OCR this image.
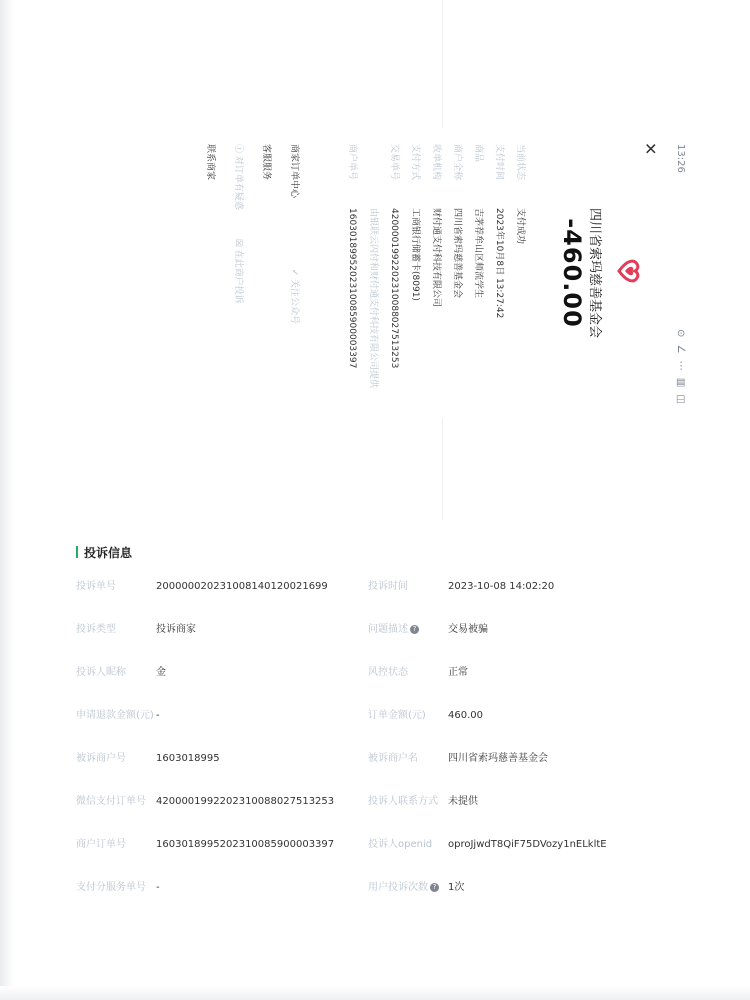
13:26
⊙ ∠ ⋯ ▥ ◫
✕
四川省索玛慈善基金会
-460.00
当前状态
支付成功
支付时间
2023年10月8日 13:27:42
商品
吉茅荐牟山区师流学生
商户全称
四川省索玛慈善基金会
收单机构
财付通支付科技有限公司
支付方式
工商银行储蓄卡(8091)
交易单号
4200001992202310088027513253
由银联云闪付和财付通支付科技有限公司提供
商户单号
1603018995202310085900003397
商家订单中心
✓ 关注公众号
客服服务
ⓘ 对订单有疑惑 ☒ 在此商户投诉
联系商家
投诉信息
投诉单号	200000020231008140120021699	投诉时间	2023-10-08 14:02:20
投诉类型	投诉商家	问题描述 ?	交易被骗
投诉人昵称	金	风控状态	正常
申请退款金额(元) -	订单金额(元) 460.00
被诉商户号	1603018995	被诉商户名	四川省索玛慈善基金会
微信支付订单号 4200001992202310088027513253	投诉人联系方式 未提供
商户订单号	1603018995202310085900003397	投诉人openid oproJjwdT8QiF75DVozy1nELkltE
支付分服务单号 -	用户投诉次数 ? 1次
